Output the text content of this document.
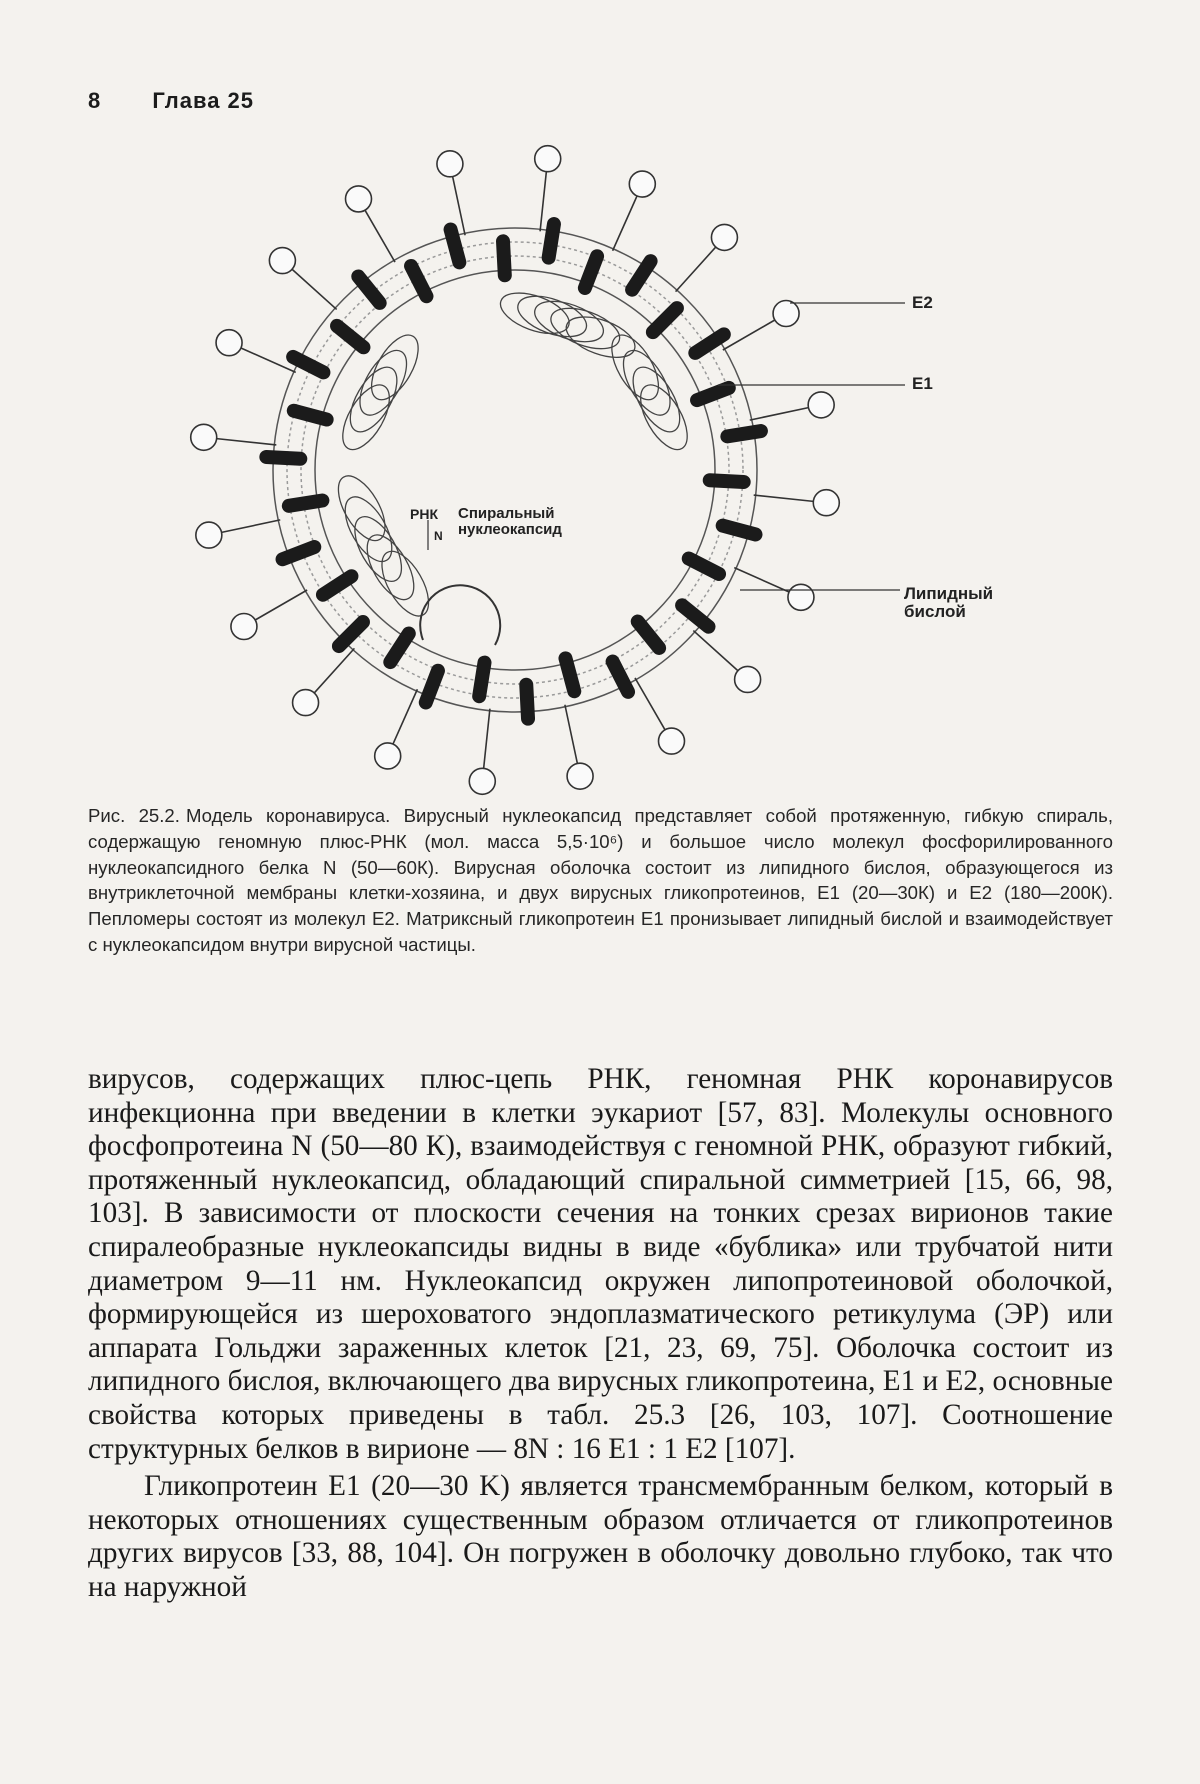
8 Глава 25
E2
E1
Липидный
бислой
РНК
N
Спиральный
нуклеокапсид
Рис. 25.2. Модель коронавируса. Вирусный нуклеокапсид представляет собой протяженную, гибкую спираль, содержащую геномную плюс-РНК (мол. масса 5,5·10⁶) и большое число молекул фосфорилированного нуклеокапсидного белка N (50—60К). Вирусная оболочка состоит из липидного бислоя, образующегося из внутриклеточной мембраны клетки-хозяина, и двух вирусных гликопротеинов, E1 (20—30К) и E2 (180—200К). Пепломеры состоят из молекул E2. Матриксный гликопротеин E1 пронизывает липидный бислой и взаимодействует с нуклеокапсидом внутри вирусной частицы.

вирусов, содержащих плюс-цепь РНК, геномная РНК коронавирусов инфекционна при введении в клетки эукариот [57, 83]. Молекулы основного фосфопротеина N (50—80 К), взаимодействуя с геномной РНК, образуют гибкий, протяженный нуклеокапсид, обладающий спиральной симметрией [15, 66, 98, 103]. В зависимости от плоскости сечения на тонких срезах вирионов такие спиралеобразные нуклеокапсиды видны в виде «бублика» или трубчатой нити диаметром 9—11 нм. Нуклеокапсид окружен липопротеиновой оболочкой, формирующейся из шероховатого эндоплазматического ретикулума (ЭР) или аппарата Гольджи зараженных клеток [21, 23, 69, 75]. Оболочка состоит из липидного бислоя, включающего два вирусных гликопротеина, E1 и E2, основные свойства которых приведены в табл. 25.3 [26, 103, 107]. Соотношение структурных белков в вирионе — 8N : 16 E1 : 1 E2 [107].

Гликопротеин E1 (20—30 K) является трансмембранным белком, который в некоторых отношениях существенным образом отличается от гликопротеинов других вирусов [33, 88, 104]. Он погружен в оболочку довольно глубоко, так что на наружной
